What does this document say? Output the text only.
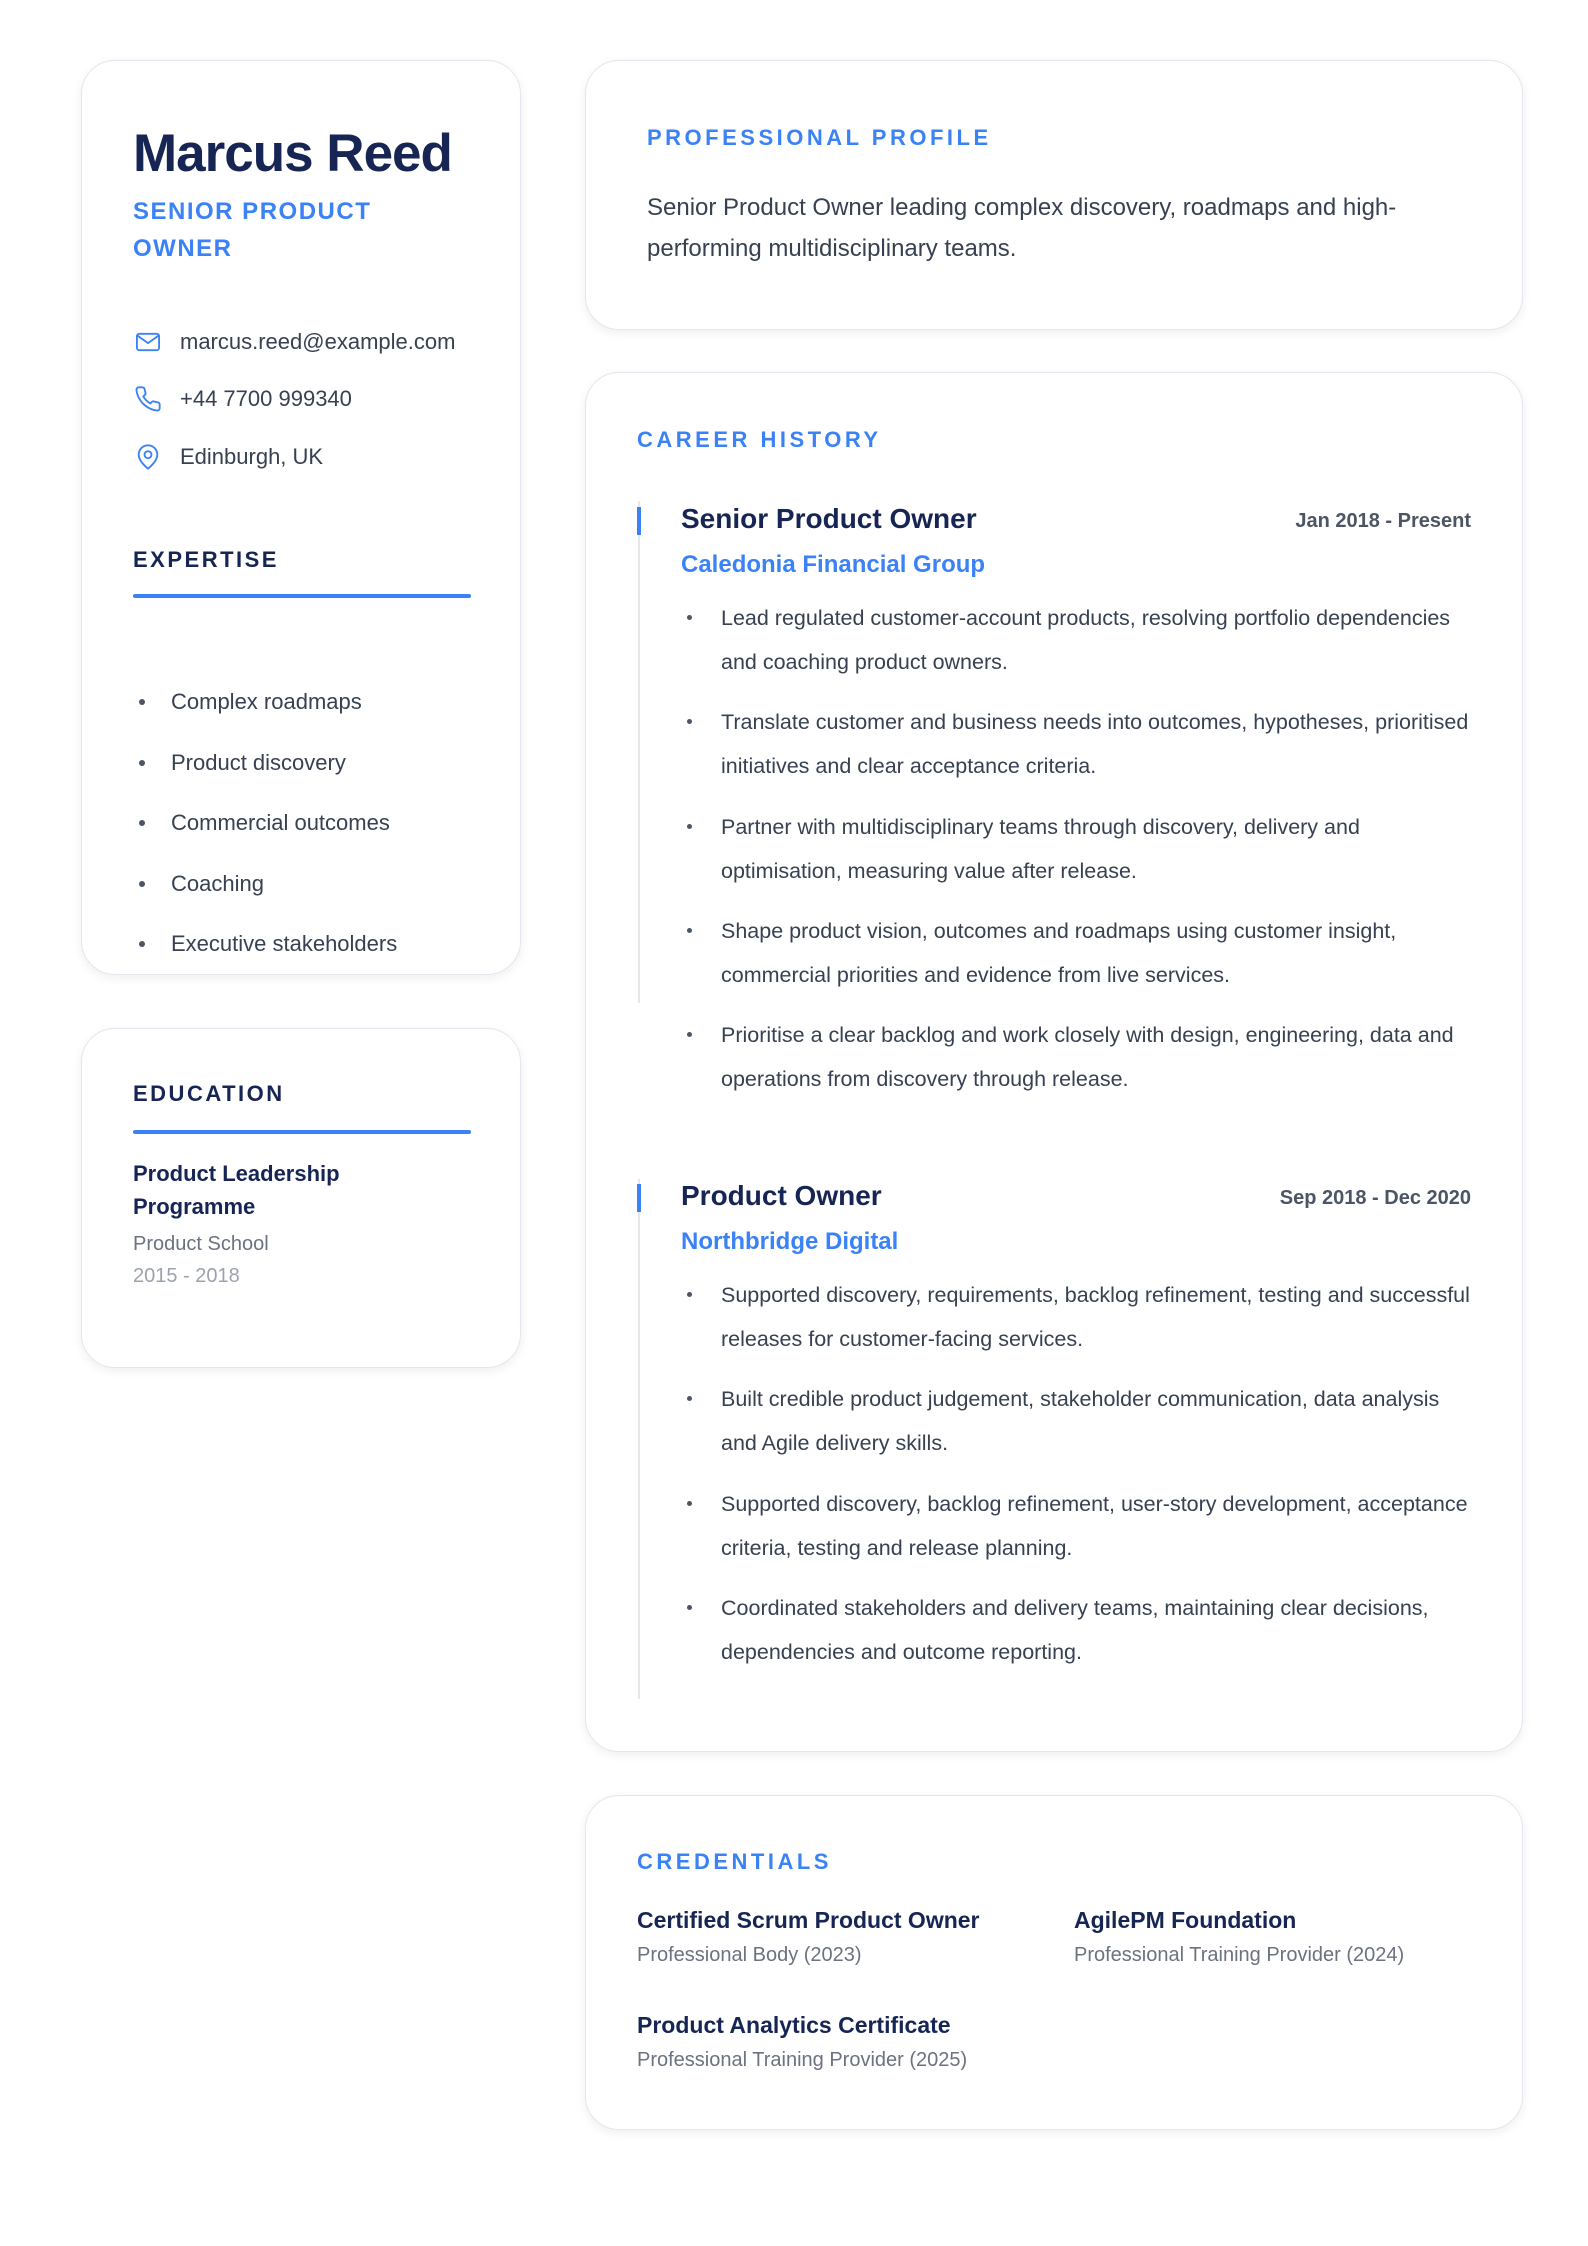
Marcus Reed
SENIOR PRODUCT OWNER
marcus.reed@example.com
+44 7700 999340
Edinburgh, UK
EXPERTISE
Complex roadmaps
Product discovery
Commercial outcomes
Coaching
Executive stakeholders
EDUCATION
Product Leadership Programme
Product School
2015 - 2018
PROFESSIONAL PROFILE
Senior Product Owner leading complex discovery, roadmaps and high-performing multidisciplinary teams.
CAREER HISTORY
Senior Product Owner	Jan 2018 - Present
Caledonia Financial Group
Lead regulated customer-account products, resolving portfolio dependencies and coaching product owners.
Translate customer and business needs into outcomes, hypotheses, prioritised initiatives and clear acceptance criteria.
Partner with multidisciplinary teams through discovery, delivery and optimisation, measuring value after release.
Shape product vision, outcomes and roadmaps using customer insight, commercial priorities and evidence from live services.
Prioritise a clear backlog and work closely with design, engineering, data and operations from discovery through release.
Product Owner	Sep 2018 - Dec 2020
Northbridge Digital
Supported discovery, requirements, backlog refinement, testing and successful releases for customer-facing services.
Built credible product judgement, stakeholder communication, data analysis and Agile delivery skills.
Supported discovery, backlog refinement, user-story development, acceptance criteria, testing and release planning.
Coordinated stakeholders and delivery teams, maintaining clear decisions, dependencies and outcome reporting.
CREDENTIALS
Certified Scrum Product Owner
Professional Body (2023)
AgilePM Foundation
Professional Training Provider (2024)
Product Analytics Certificate
Professional Training Provider (2025)
